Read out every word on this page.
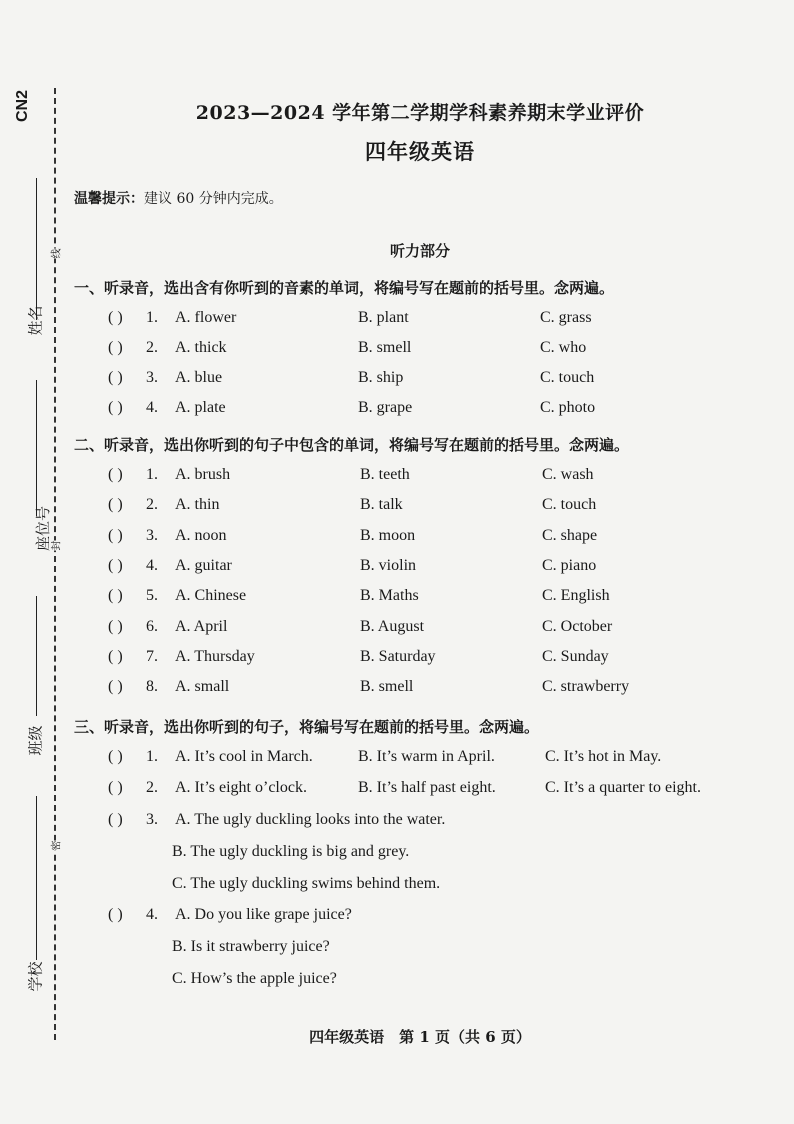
CN2
线
封
密
姓名
座位号
班级
学校
2023—2024 学年第二学期学科素养期末学业评价
四年级英语
温馨提示：建议 60 分钟内完成。
听力部分
一、听录音，选出含有你听到的音素的单词，将编号写在题前的括号里。念两遍。
( ) 1. A. flower	B. plant	C. grass
( ) 2. A. thick	B. smell	C. who
( ) 3. A. blue	B. ship	C. touch
( ) 4. A. plate	B. grape	C. photo
二、听录音，选出你听到的句子中包含的单词，将编号写在题前的括号里。念两遍。
( ) 1. A. brush	B. teeth	C. wash
( ) 2. A. thin	B. talk	C. touch
( ) 3. A. noon	B. moon	C. shape
( ) 4. A. guitar	B. violin	C. piano
( ) 5. A. Chinese	B. Maths	C. English
( ) 6. A. April	B. August	C. October
( ) 7. A. Thursday	B. Saturday	C. Sunday
( ) 8. A. small	B. smell	C. strawberry
三、听录音，选出你听到的句子，将编号写在题前的括号里。念两遍。
( ) 1. A. It’s cool in March.	B. It’s warm in April.	C. It’s hot in May.
( ) 2. A. It’s eight o’clock.	B. It’s half past eight.	C. It’s a quarter to eight.
( ) 3. A. The ugly duckling looks into the water.
B. The ugly duckling is big and grey.
C. The ugly duckling swims behind them.
( ) 4. A. Do you like grape juice?
B. Is it strawberry juice?
C. How’s the apple juice?
四年级英语　第 1 页（共 6 页）
